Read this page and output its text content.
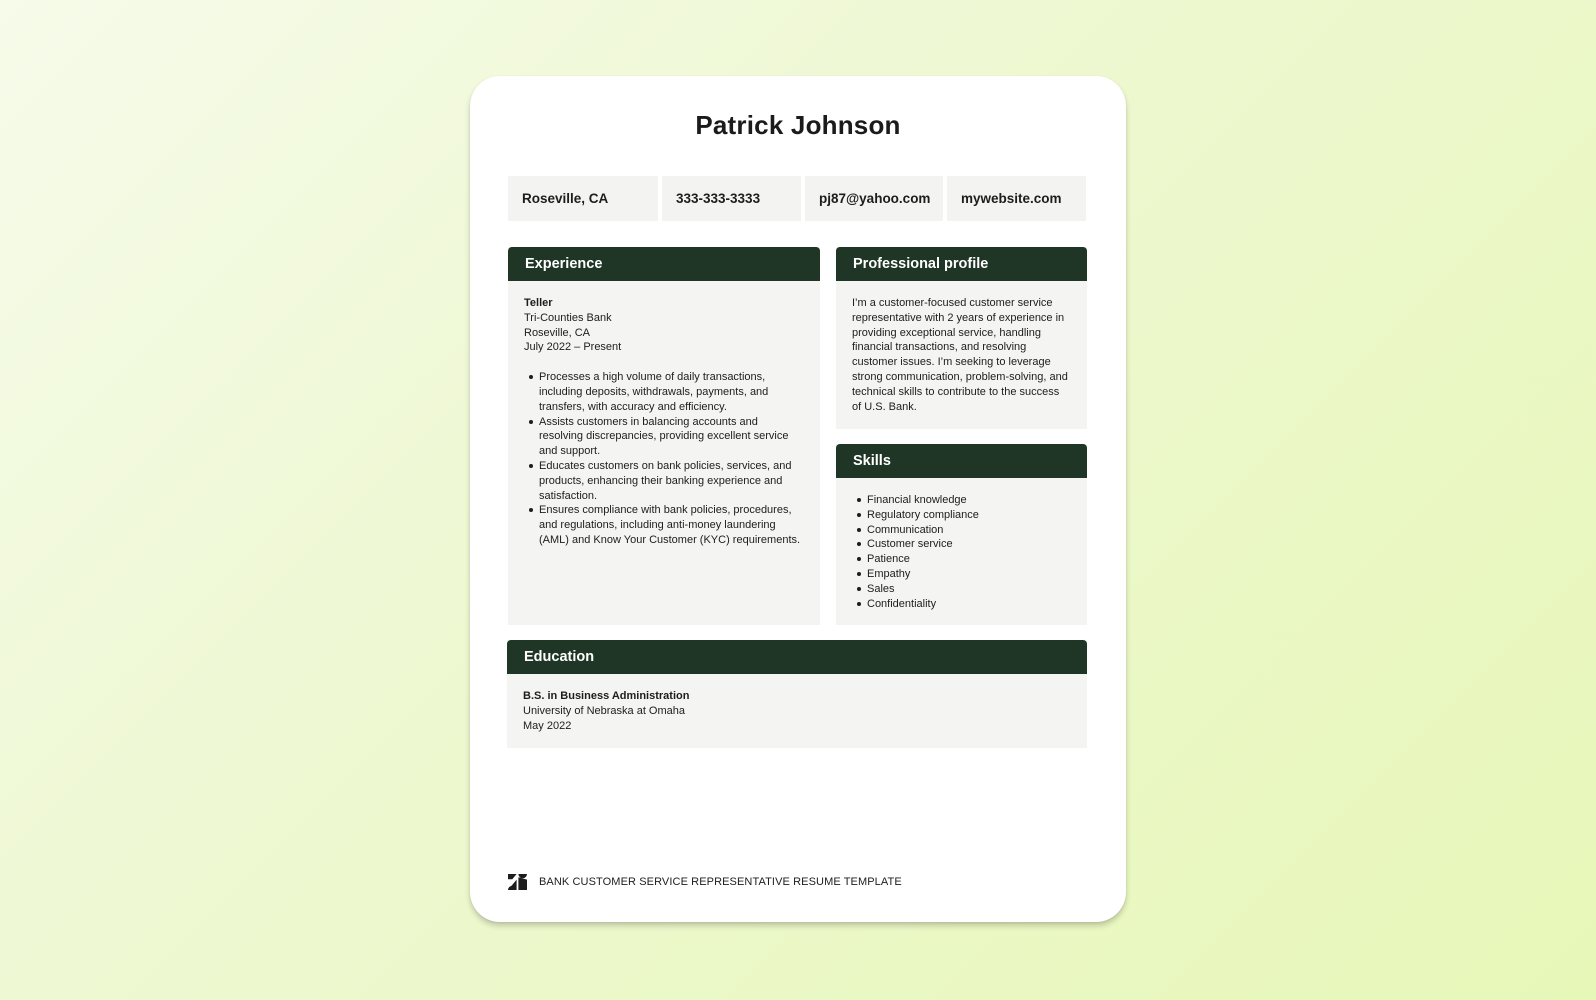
Patrick Johnson
Roseville, CA	333-333-3333	pj87@yahoo.com	mywebsite.com
Experience
Teller
Tri-Counties Bank
Roseville, CA
July 2022 – Present
Processes a high volume of daily transactions, including deposits, withdrawals, payments, and transfers, with accuracy and efficiency.
Assists customers in balancing accounts and resolving discrepancies, providing excellent service and support.
Educates customers on bank policies, services, and products, enhancing their banking experience and satisfaction.
Ensures compliance with bank policies, procedures, and regulations, including anti-money laundering (AML) and Know Your Customer (KYC) requirements.
Professional profile
I’m a customer-focused customer service representative with 2 years of experience in providing exceptional service, handling financial transactions, and resolving customer issues. I’m seeking to leverage strong communication, problem-solving, and technical skills to contribute to the success of U.S. Bank.
Skills
Financial knowledge
Regulatory compliance
Communication
Customer service
Patience
Empathy
Sales
Confidentiality
Education
B.S. in Business Administration
University of Nebraska at Omaha
May 2022
BANK CUSTOMER SERVICE REPRESENTATIVE RESUME TEMPLATE
